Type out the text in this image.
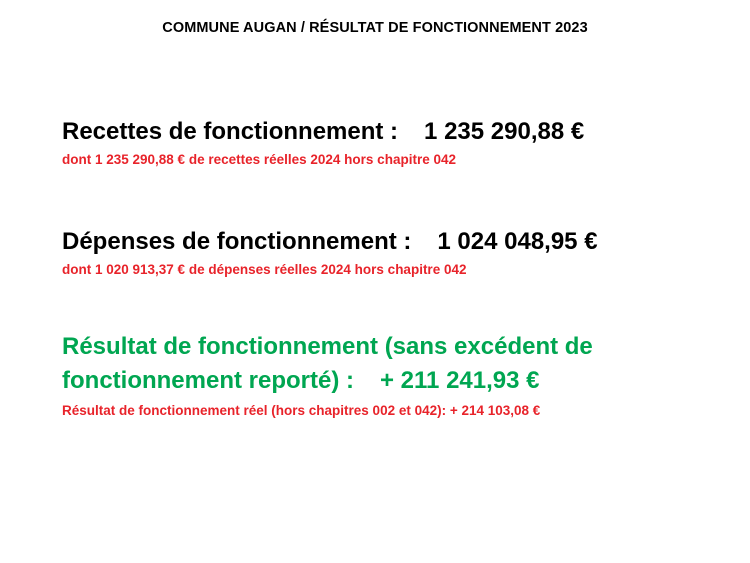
COMMUNE AUGAN / RÉSULTAT DE FONCTIONNEMENT 2023
Recettes de fonctionnement : 1 235 290,88 €
dont 1 235 290,88 € de recettes réelles 2024 hors chapitre 042
Dépenses de fonctionnement : 1 024 048,95 €
dont 1 020 913,37 € de dépenses réelles 2024 hors chapitre 042
Résultat de fonctionnement (sans excédent de fonctionnement reporté) : + 211 241,93 €
Résultat de fonctionnement réel (hors chapitres 002 et 042): + 214 103,08 €
